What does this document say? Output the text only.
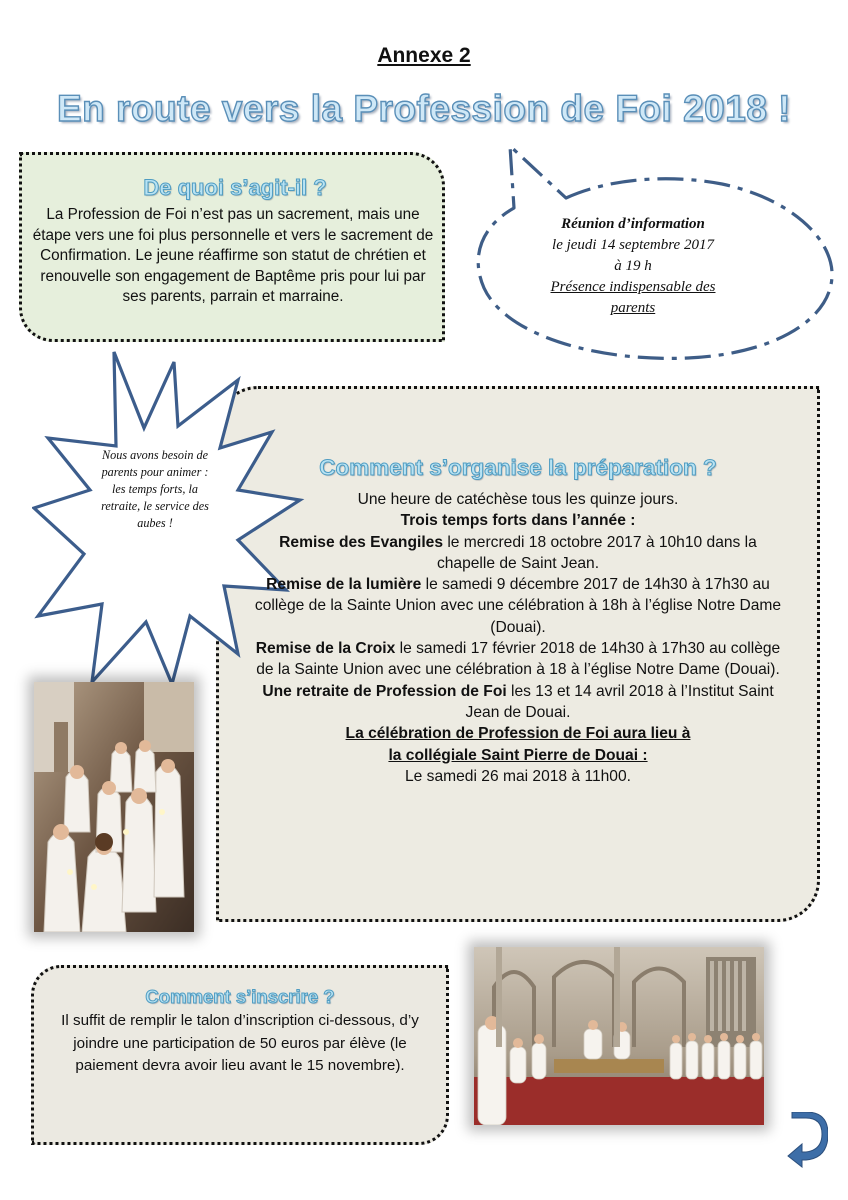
Annexe 2
En route vers la Profession de Foi 2018 !
De quoi s’agit-il ?
La Profession de Foi n’est pas un sacrement, mais une étape vers une foi plus personnelle et vers le sacrement de Confirmation. Le jeune réaffirme son statut de chrétien et renouvelle son engagement de Baptême pris pour lui par ses parents, parrain et marraine.
Réunion d’information
le jeudi 14 septembre 2017
à 19 h
Présence indispensable des parents
Nous avons besoin de parents pour animer : les temps forts, la retraite, le service des aubes !
Comment s’organise la préparation ?

Une heure de catéchèse tous les quinze jours.

Trois temps forts dans l’année :

Remise des Evangiles le mercredi 18 octobre 2017 à 10h10 dans la chapelle de Saint Jean.

Remise de la lumière le samedi 9 décembre 2017 de 14h30 à 17h30 au collège de la Sainte Union avec une célébration à 18h à l’église Notre Dame (Douai).

Remise de la Croix le samedi 17 février 2018 de 14h30 à 17h30 au collège de la Sainte Union avec une célébration à 18 à l’église Notre Dame (Douai).

Une retraite de Profession de Foi les 13 et 14 avril 2018 à l’Institut Saint Jean de Douai.

La célébration de Profession de Foi aura lieu à

la collégiale Saint Pierre de Douai :

Le samedi 26 mai 2018 à 11h00.

Comment s’inscrire ?
Il suffit de remplir le talon d’inscription ci-dessous, d’y joindre une participation de 50 euros par élève (le paiement devra avoir lieu avant le 15 novembre).
